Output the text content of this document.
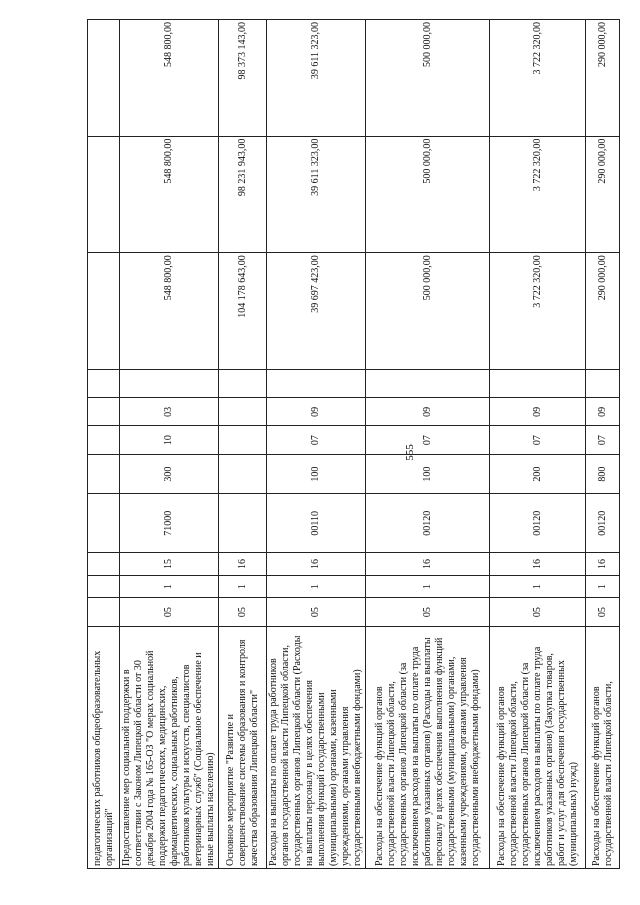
555
педагогических работников общеобразовательных организаций"											
Предоставление мер социальной поддержки в соответствии с Законом Липецкой области от 30 декабря 2004 года № 165-ОЗ "О мерах социальной поддержки педагогических, медицинских, фармацевтических, социальных работников, работников культуры и искусств, специалистов ветеринарных служб" (Социальное обеспечение и иные выплаты населению)	05	1	15	71000	300	10	03		548 800,00	548 800,00	548 800,00
Основное мероприятие "Развитие и совершенствование системы образования и контроля качества образования Липецкой области"	05	1	16						104 178 643,00	98 231 943,00	98 373 143,00
Расходы на выплаты по оплате труда работников органов государственной власти Липецкой области, государственных органов Липецкой области (Расходы на выплаты персоналу в целях обеспечения выполнения функций государственными (муниципальными) органами, казенными учреждениями, органами управления государственными внебюджетными фондами)	05	1	16	00110	100	07	09		39 697 423,00	39 611 323,00	39 611 323,00
Расходы на обеспечение функций органов государственной власти Липецкой области, государственных органов Липецкой области (за исключением расходов на выплаты по оплате труда работников указанных органов) (Расходы на выплаты персоналу в целях обеспечения выполнения функций государственными (муниципальными) органами, казенными учреждениями, органами управления государственными внебюджетными фондами)	05	1	16	00120	100	07	09		500 000,00	500 000,00	500 000,00
Расходы на обеспечение функций органов государственной власти Липецкой области, государственных органов Липецкой области (за исключением расходов на выплаты по оплате труда работников указанных органов) (Закупка товаров, работ и услуг для обеспечения государственных (муниципальных) нужд)	05	1	16	00120	200	07	09		3 722 320,00	3 722 320,00	3 722 320,00
Расходы на обеспечение функций органов государственной власти Липецкой области,	05	1	16	00120	800	07	09		290 000,00	290 000,00	290 000,00
